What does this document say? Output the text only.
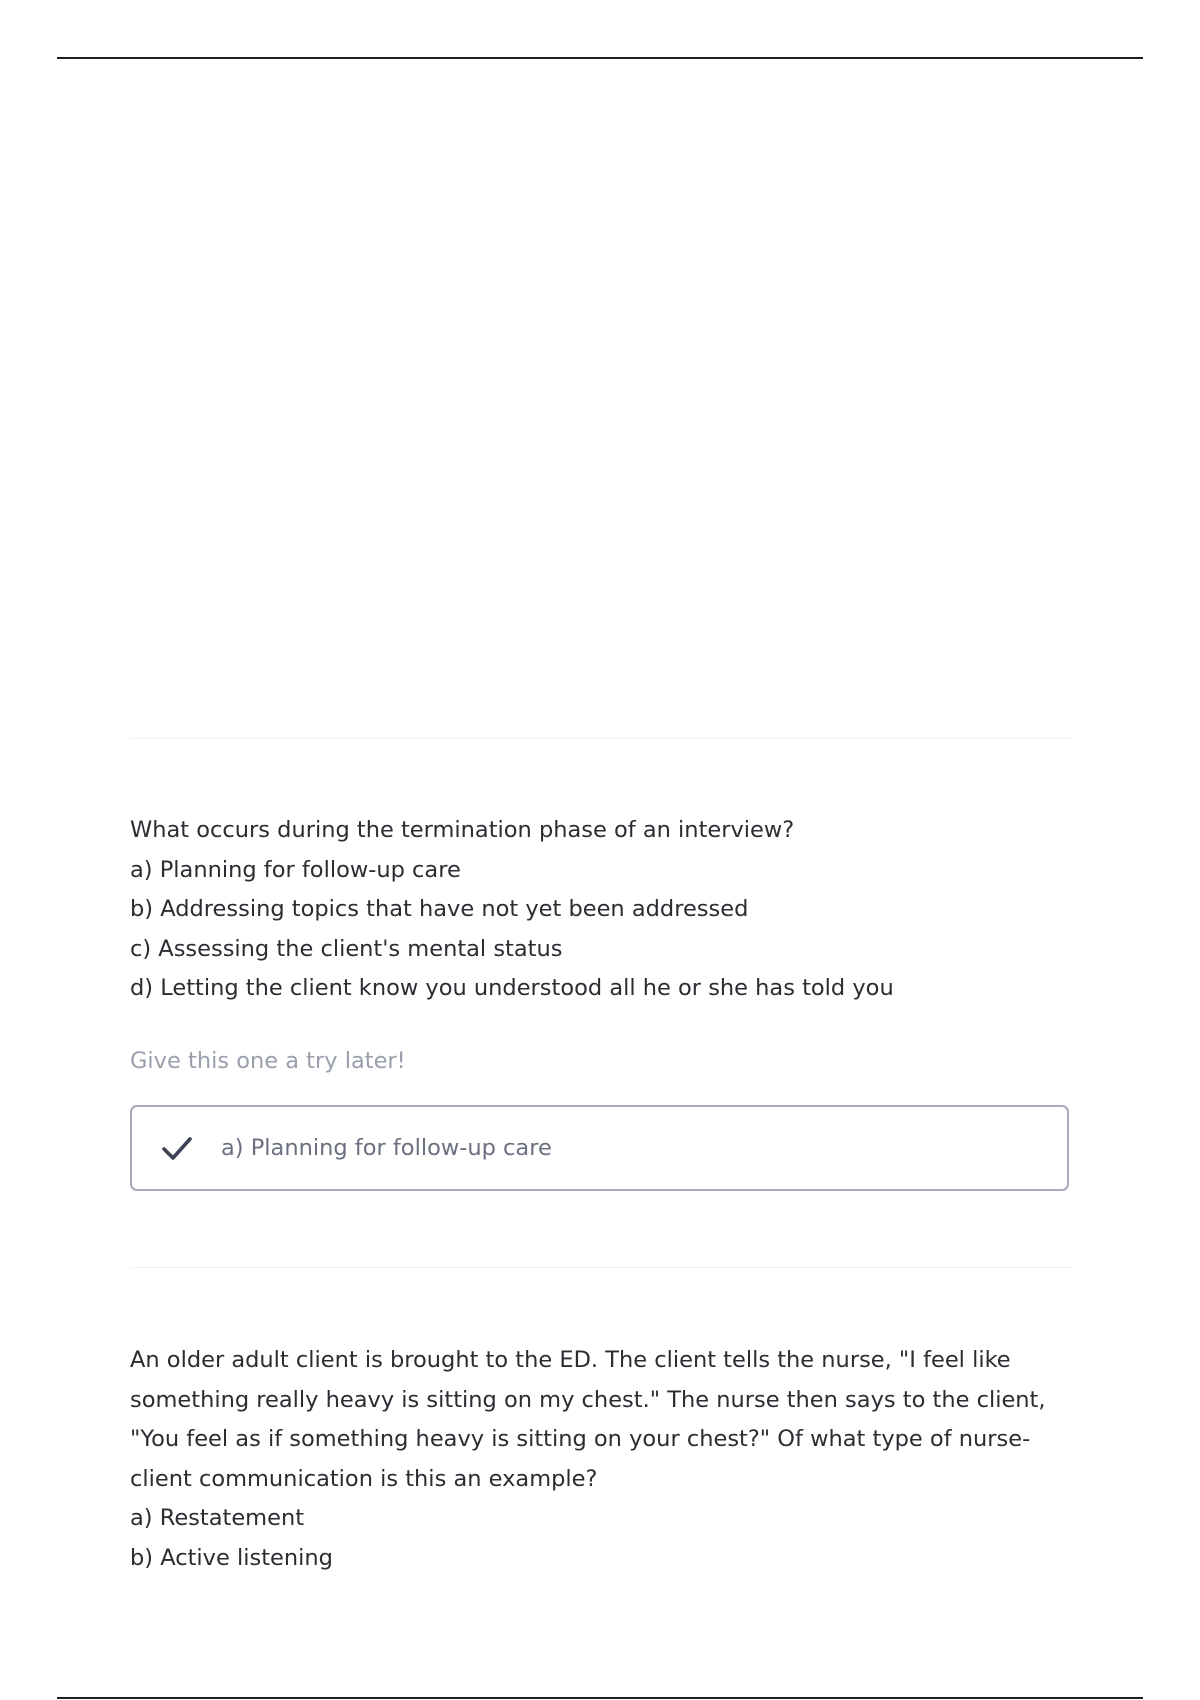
What occurs during the termination phase of an interview?

a) Planning for follow-up care

b) Addressing topics that have not yet been addressed

c) Assessing the client's mental status

d) Letting the client know you understood all he or she has told you

Give this one a try later!

a) Planning for follow-up care

An older adult client is brought to the ED. The client tells the nurse, "I feel like something really heavy is sitting on my chest." The nurse then says to the client, "You feel as if something heavy is sitting on your chest?" Of what type of nurse-client communication is this an example?

a) Restatement

b) Active listening
